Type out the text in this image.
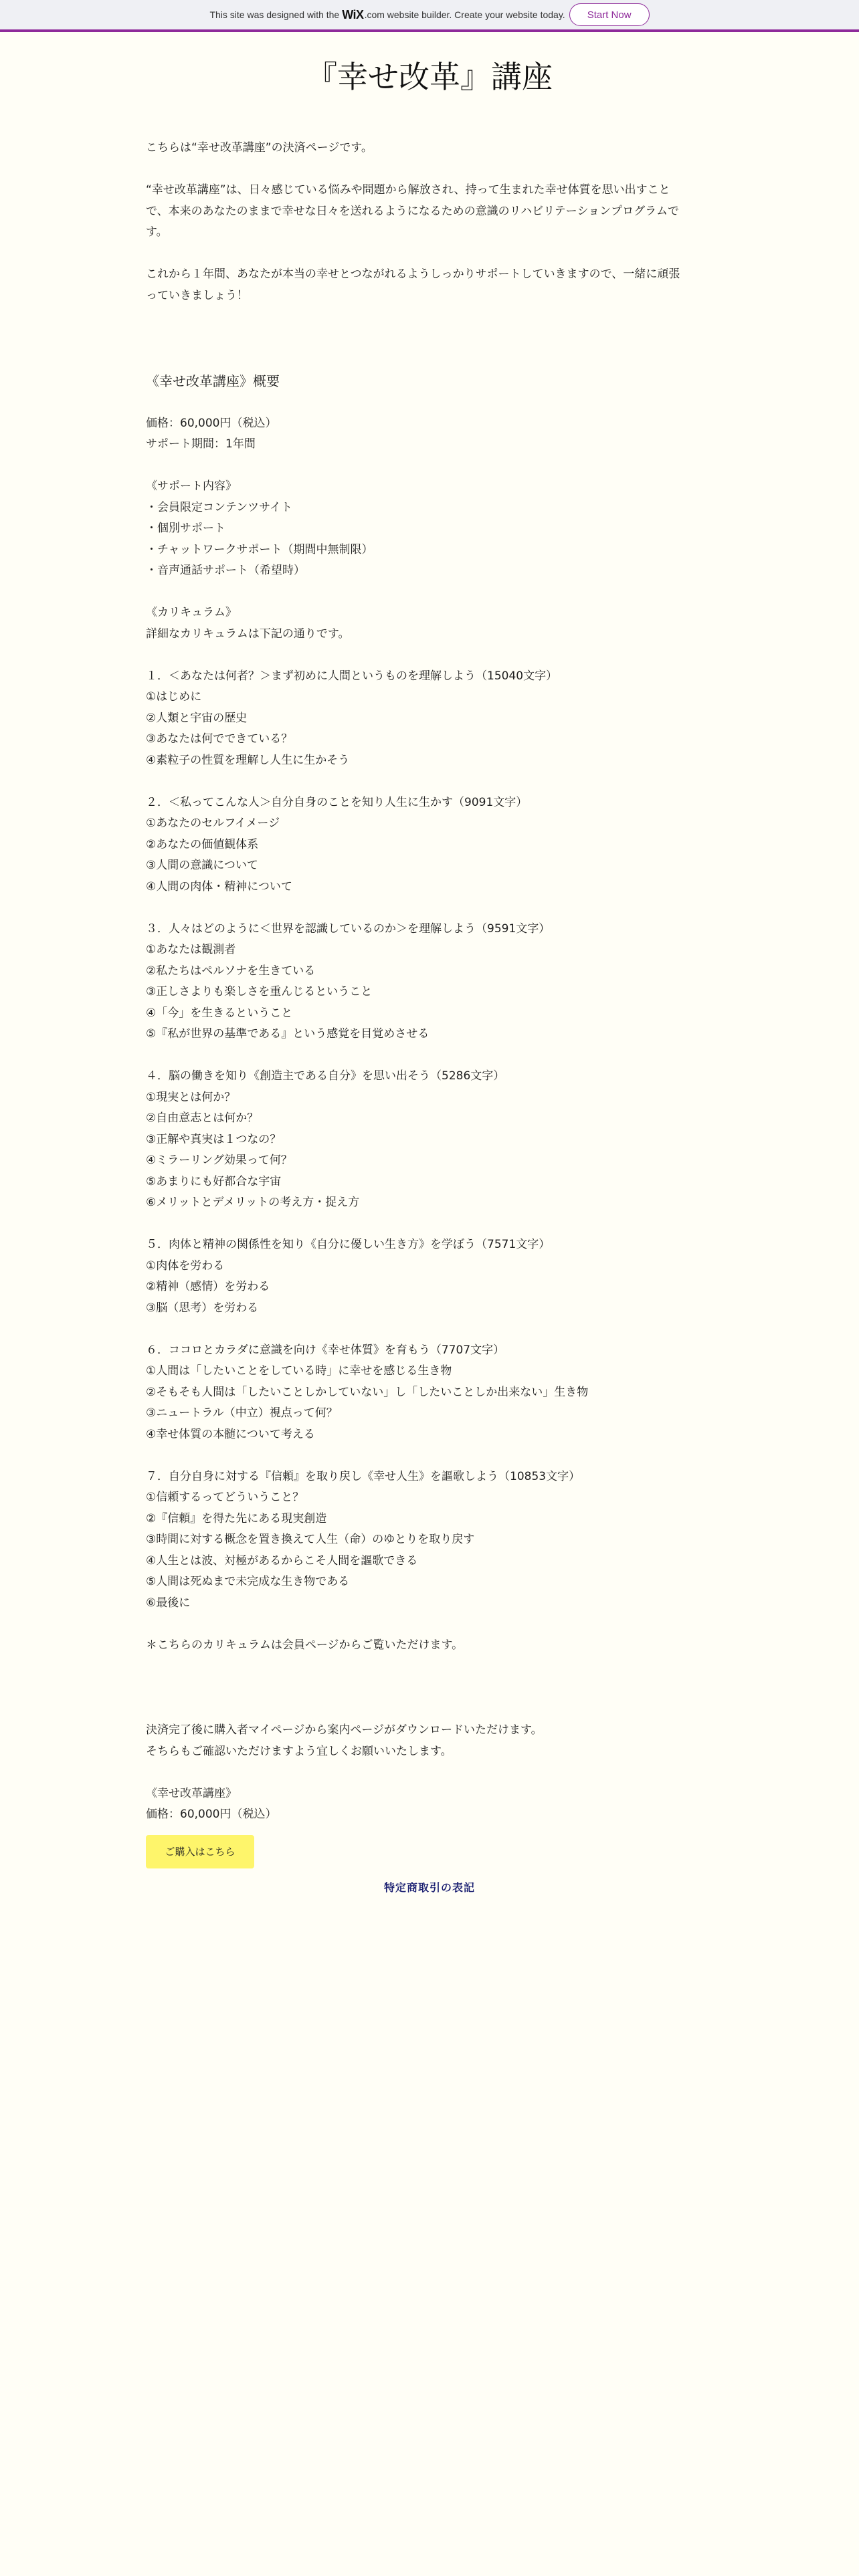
This site was designed with the WiX .com website builder. Create your website today.	Start Now
『幸せ改革』講座

こちらは“幸せ改革講座”の決済ページです。

“幸せ改革講座”は、日々感じている悩みや問題から解放され、持って生まれた幸せ体質を思い出すこと
で、本来のあなたのままで幸せな日々を送れるようになるための意識のリハビリテーションプログラムで
す。

これから１年間、あなたが本当の幸せとつながれるようしっかりサポートしていきますので、一緒に頑張
っていきましょう！

《幸せ改革講座》概要

価格：60,000円（税込）

サポート期間：1年間

《サポート内容》

・会員限定コンテンツサイト

・個別サポート

・チャットワークサポート（期間中無制限）

・音声通話サポート（希望時）

《カリキュラム》

詳細なカリキュラムは下記の通りです。

１．＜あなたは何者？＞まず初めに人間というものを理解しよう（15040文字）

①はじめに

②人類と宇宙の歴史

③あなたは何でできている？

④素粒子の性質を理解し人生に生かそう

２．＜私ってこんな人＞自分自身のことを知り人生に生かす（9091文字）

①あなたのセルフイメージ

②あなたの価値観体系

③人間の意識について

④人間の肉体・精神について

３．人々はどのように＜世界を認識しているのか＞を理解しよう（9591文字）

①あなたは観測者

②私たちはペルソナを生きている

③正しさよりも楽しさを重んじるということ

④「今」を生きるということ

⑤『私が世界の基準である』という感覚を目覚めさせる

４．脳の働きを知り《創造主である自分》を思い出そう（5286文字）

①現実とは何か？

②自由意志とは何か？

③正解や真実は１つなの？

④ミラーリング効果って何？

⑤あまりにも好都合な宇宙

⑥メリットとデメリットの考え方・捉え方

５．肉体と精神の関係性を知り《自分に優しい生き方》を学ぼう（7571文字）

①肉体を労わる

②精神（感情）を労わる

③脳（思考）を労わる

６．ココロとカラダに意識を向け《幸せ体質》を育もう（7707文字）

①人間は「したいことをしている時」に幸せを感じる生き物

②そもそも人間は「したいことしかしていない」し「したいことしか出来ない」生き物

③ニュートラル（中立）視点って何？

④幸せ体質の本髄について考える

７．自分自身に対する『信頼』を取り戻し《幸せ人生》を謳歌しよう（10853文字）

①信頼するってどういうこと？

②『信頼』を得た先にある現実創造

③時間に対する概念を置き換えて人生（命）のゆとりを取り戻す

④人生とは波、対極があるからこそ人間を謳歌できる

⑤人間は死ぬまで未完成な生き物である

⑥最後に

＊こちらのカリキュラムは会員ページからご覧いただけます。

決済完了後に購入者マイページから案内ページがダウンロードいただけます。

そちらもご確認いただけますよう宜しくお願いいたします。

《幸せ改革講座》

価格：60,000円（税込）

ご購入はこちら
特定商取引の表記
